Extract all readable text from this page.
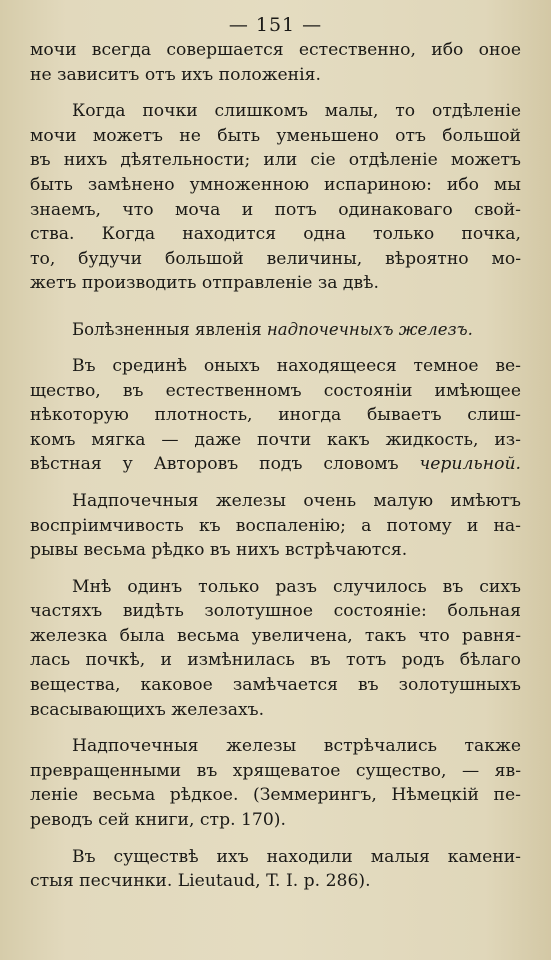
— 151 —

мочи всегда совершается естественно, ибо оное
не зависитъ отъ ихъ положенія.

Когда почки слишкомъ малы, то отдѣленіе
мочи можетъ не быть уменьшено отъ большой
въ нихъ дѣятельности; или сіе отдѣленіе можетъ
быть замѣнено умноженною испариною: ибо мы
знаемъ, что моча и потъ одинаковаго свой-
ства. Когда находится одна только почка,
то, будучи большой величины, вѣроятно мо-
жетъ производить отправленіе за двѣ.

Болѣзненныя явленія надпочечныхъ железъ.

Въ срединѣ оныхъ находящееся темное ве-
щество, въ естественномъ состояніи имѣющее
нѣкоторую плотность, иногда бываетъ слиш-
комъ мягка — даже почти какъ жидкость, из-
вѣстная у Авторовъ подъ словомъ черильной.

Надпочечныя железы очень малую имѣютъ
воспріимчивость къ воспаленію; а потому и на-
рывы весьма рѣдко въ нихъ встрѣчаются.

Мнѣ одинъ только разъ случилось въ сихъ
частяхъ видѣть золотушное состояніе: больная
железка была весьма увеличена, такъ что равня-
лась почкѣ, и измѣнилась въ тотъ родъ бѣлаго
вещества, каковое замѣчается въ золотушныхъ
всасывающихъ железахъ.

Надпочечныя железы встрѣчались также
превращенными въ хрящеватое существо, — яв-
леніе весьма рѣдкое. (Земмерингъ, Нѣмецкій пе-
реводъ сей книги, стр. 170).

Въ существѣ ихъ находили малыя камени-
стыя песчинки. Lieutaud, T. I. p. 286).
